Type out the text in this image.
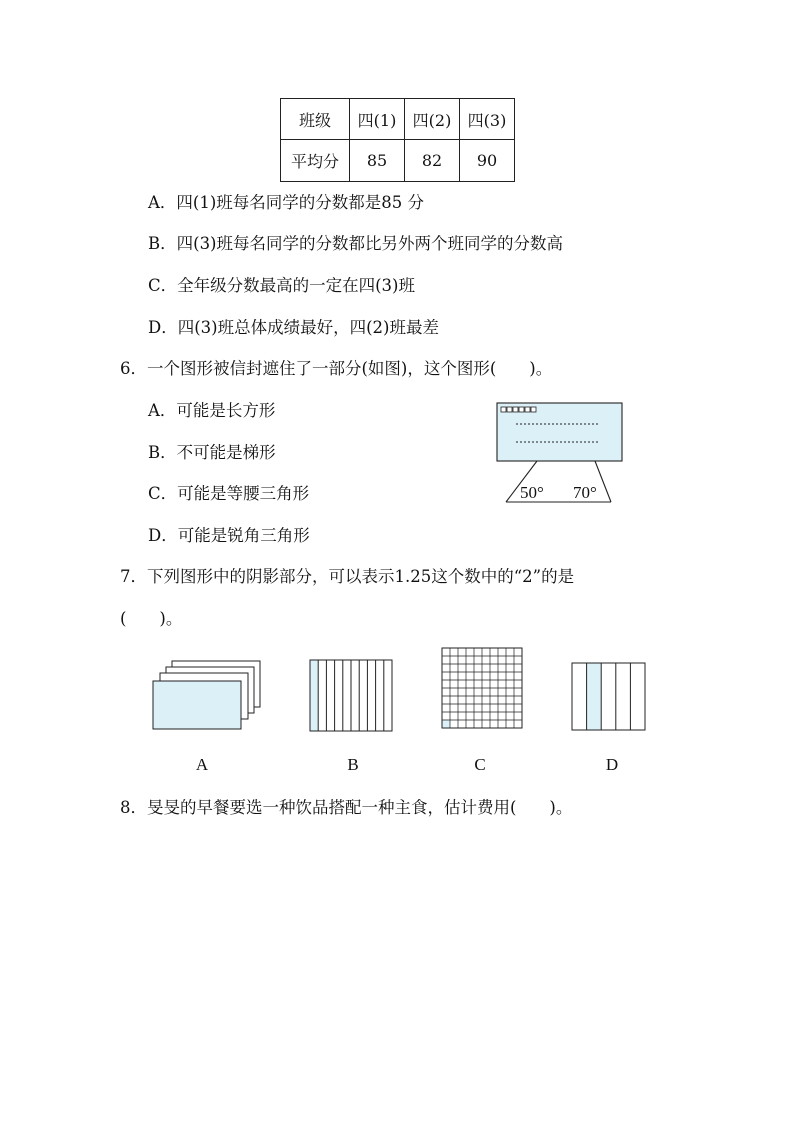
班级	四(1)	四(2)	四(3)
平均分	85	82	90
A．四(1)班每名同学的分数都是85 分
B．四(3)班每名同学的分数都比另外两个班同学的分数高
C．全年级分数最高的一定在四(3)班
D．四(3)班总体成绩最好，四(2)班最差
6．一个图形被信封遮住了一部分(如图)，这个图形(　　)。
A．可能是长方形
B．不可能是梯形
C．可能是等腰三角形
D．可能是锐角三角形
50° 70°
7．下列图形中的阴影部分，可以表示1.25这个数中的“2”的是
(　　)。
A	B	C	D
8．旻旻的早餐要选一种饮品搭配一种主食，估计费用(　　)。
